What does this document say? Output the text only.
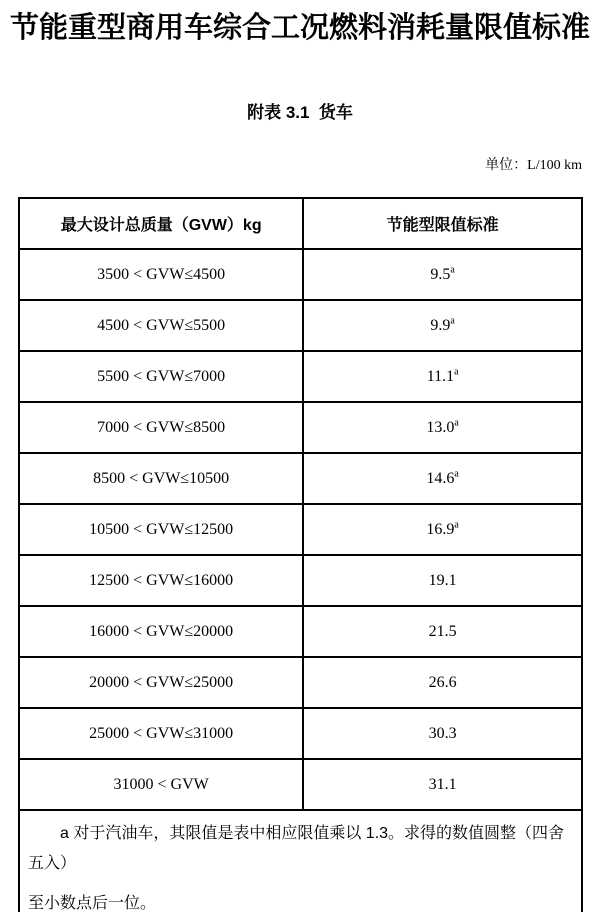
节能重型商用车综合工况燃料消耗量限值标准
附表 3.1  货车
单位：L/100 km
最大设计总质量（GVW）kg	节能型限值标准
3500 < GVW≤4500	9.5$^a$
4500 < GVW≤5500	9.9$^a$
5500 < GVW≤7000	11.1$^a$
7000 < GVW≤8500	13.0$^a$
8500 < GVW≤10500	14.6$^a$
10500 < GVW≤12500	16.9$^a$
12500 < GVW≤16000	19.1
16000 < GVW≤20000	21.5
20000 < GVW≤25000	26.6
25000 < GVW≤31000	30.3
31000 < GVW	31.1

a 对于汽油车，其限值是表中相应限值乘以 1.3。求得的数值圆整（四舍五入）
至小数点后一位。	
